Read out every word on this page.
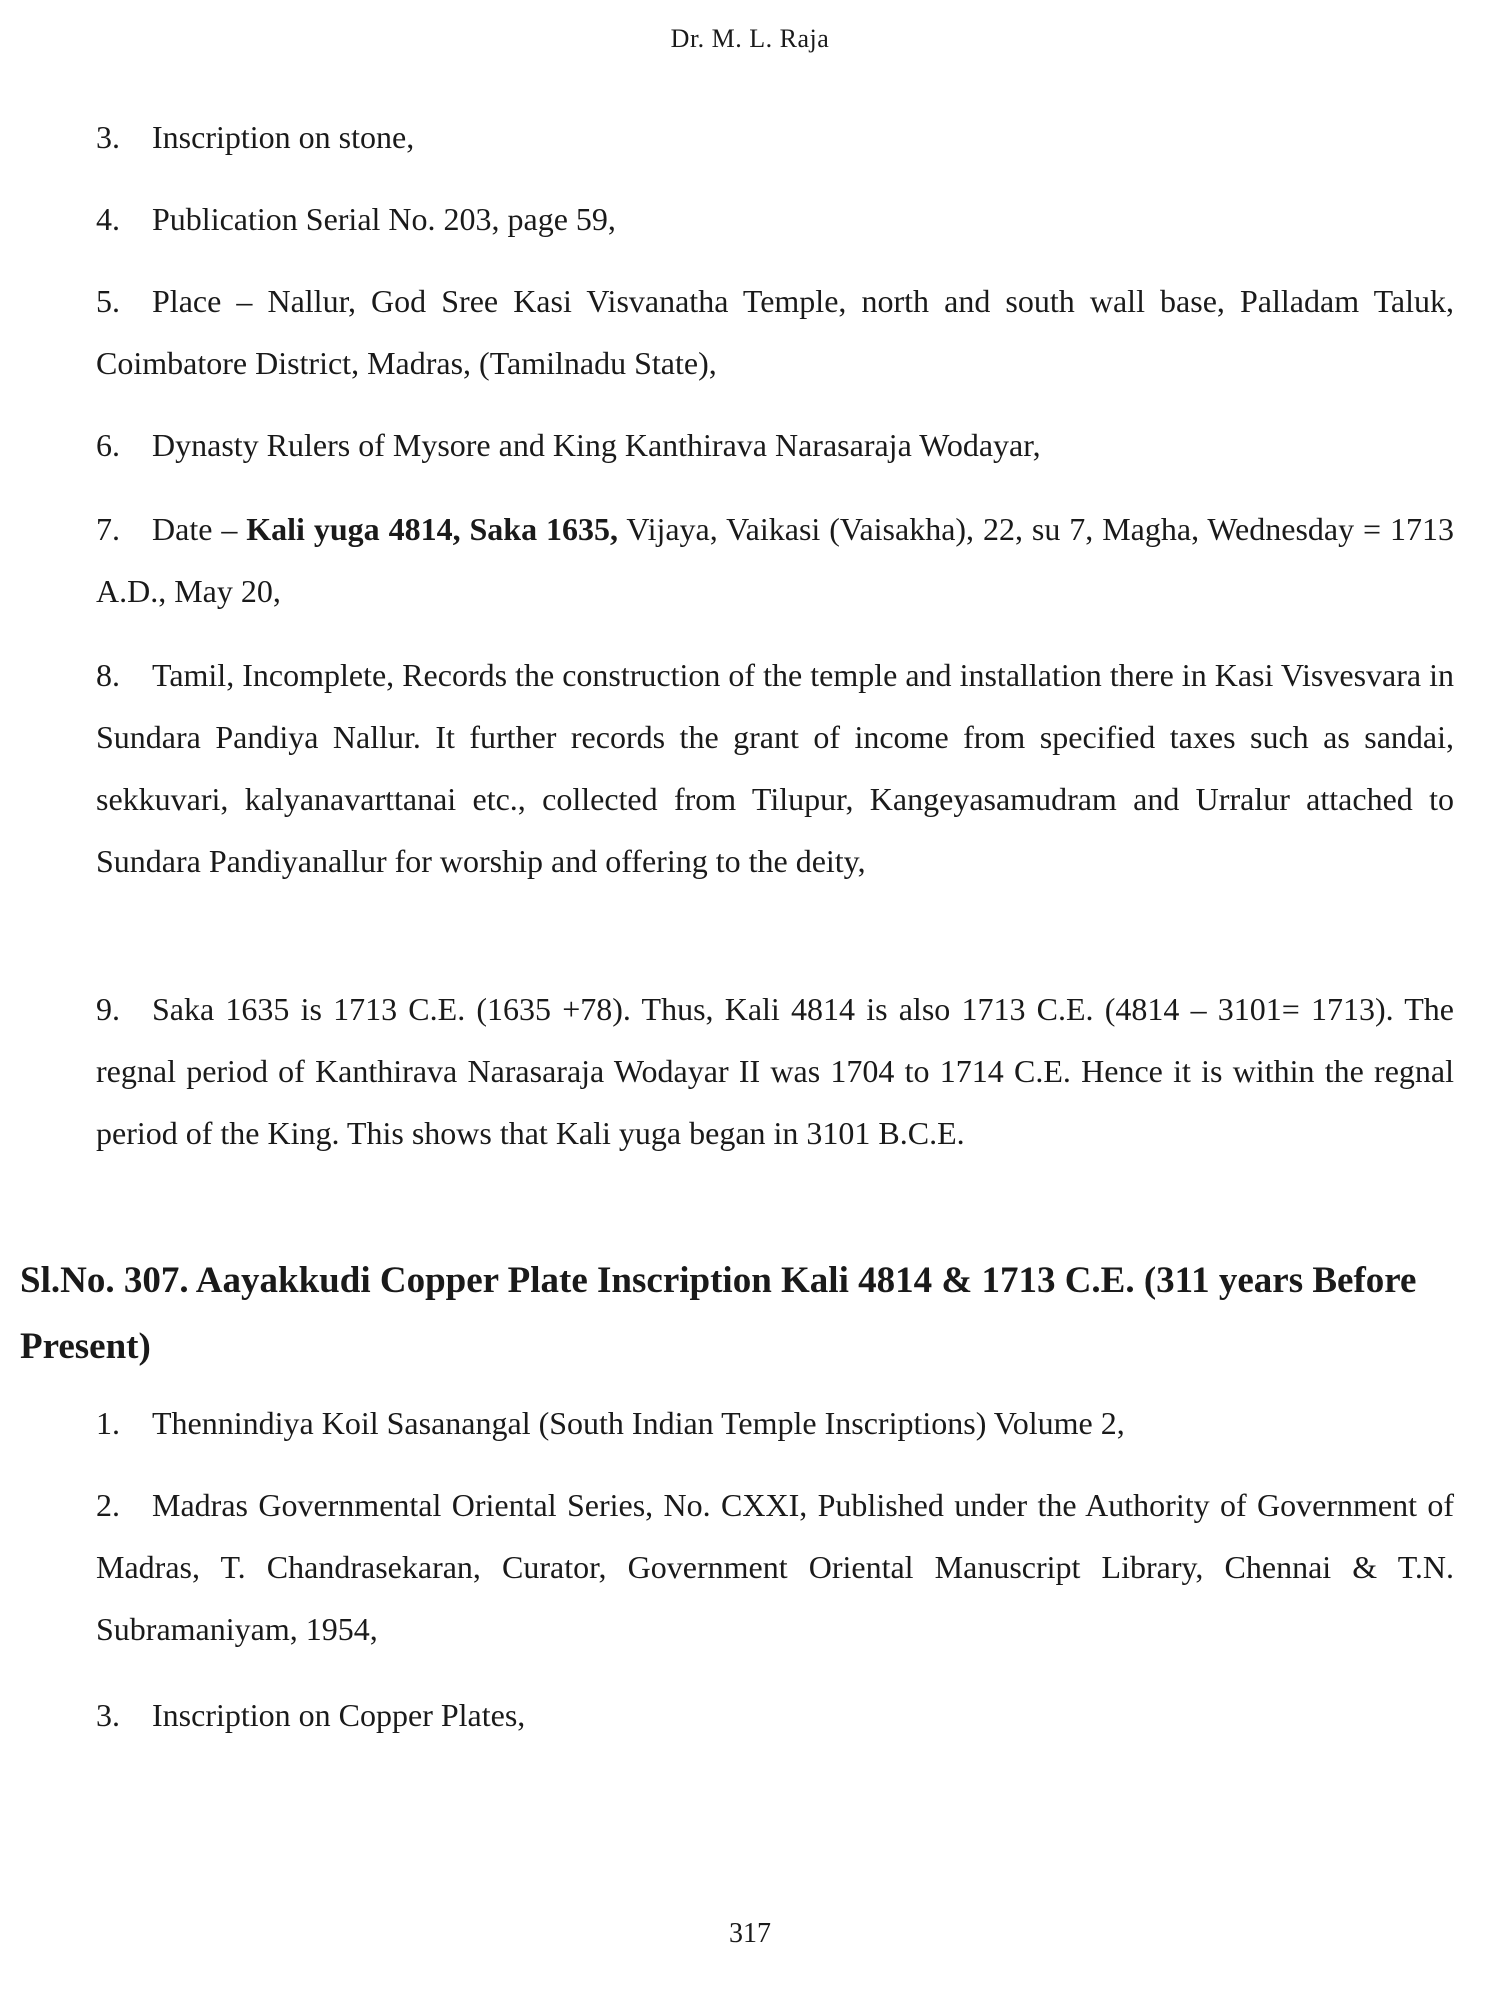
Dr. M. L. Raja

3. Inscription on stone,

4. Publication Serial No. 203, page 59,

5. Place – Nallur, God Sree Kasi Visvanatha Temple, north and south wall base, Palladam Taluk, Coimbatore District, Madras, (Tamilnadu State),

6. Dynasty Rulers of Mysore and King Kanthirava Narasaraja Wodayar,

7. Date – Kali yuga 4814, Saka 1635, Vijaya, Vaikasi (Vaisakha), 22, su 7, Magha, Wednesday = 1713 A.D., May 20,

8. Tamil, Incomplete, Records the construction of the temple and installation there in Kasi Visvesvara in Sundara Pandiya Nallur. It further records the grant of income from specified taxes such as sandai, sekkuvari, kalyanavarttanai etc., collected from Tilupur, Kangeyasamudram and Urralur attached to Sundara Pandiyanallur for worship and offering to the deity,

9. Saka 1635 is 1713 C.E. (1635 +78). Thus, Kali 4814 is also 1713 C.E. (4814 – 3101= 1713). The regnal period of Kanthirava Narasaraja Wodayar II was 1704 to 1714 C.E. Hence it is within the regnal period of the King. This shows that Kali yuga began in 3101 B.C.E.

Sl.No. 307. Aayakkudi Copper Plate Inscription Kali 4814 & 1713 C.E. (311 years Before Present)

1. Thennindiya Koil Sasanangal (South Indian Temple Inscriptions) Volume 2,

2. Madras Governmental Oriental Series, No. CXXI, Published under the Authority of Government of Madras, T. Chandrasekaran, Curator, Government Oriental Manuscript Library, Chennai & T.N. Subramaniyam, 1954,

3. Inscription on Copper Plates,

317
